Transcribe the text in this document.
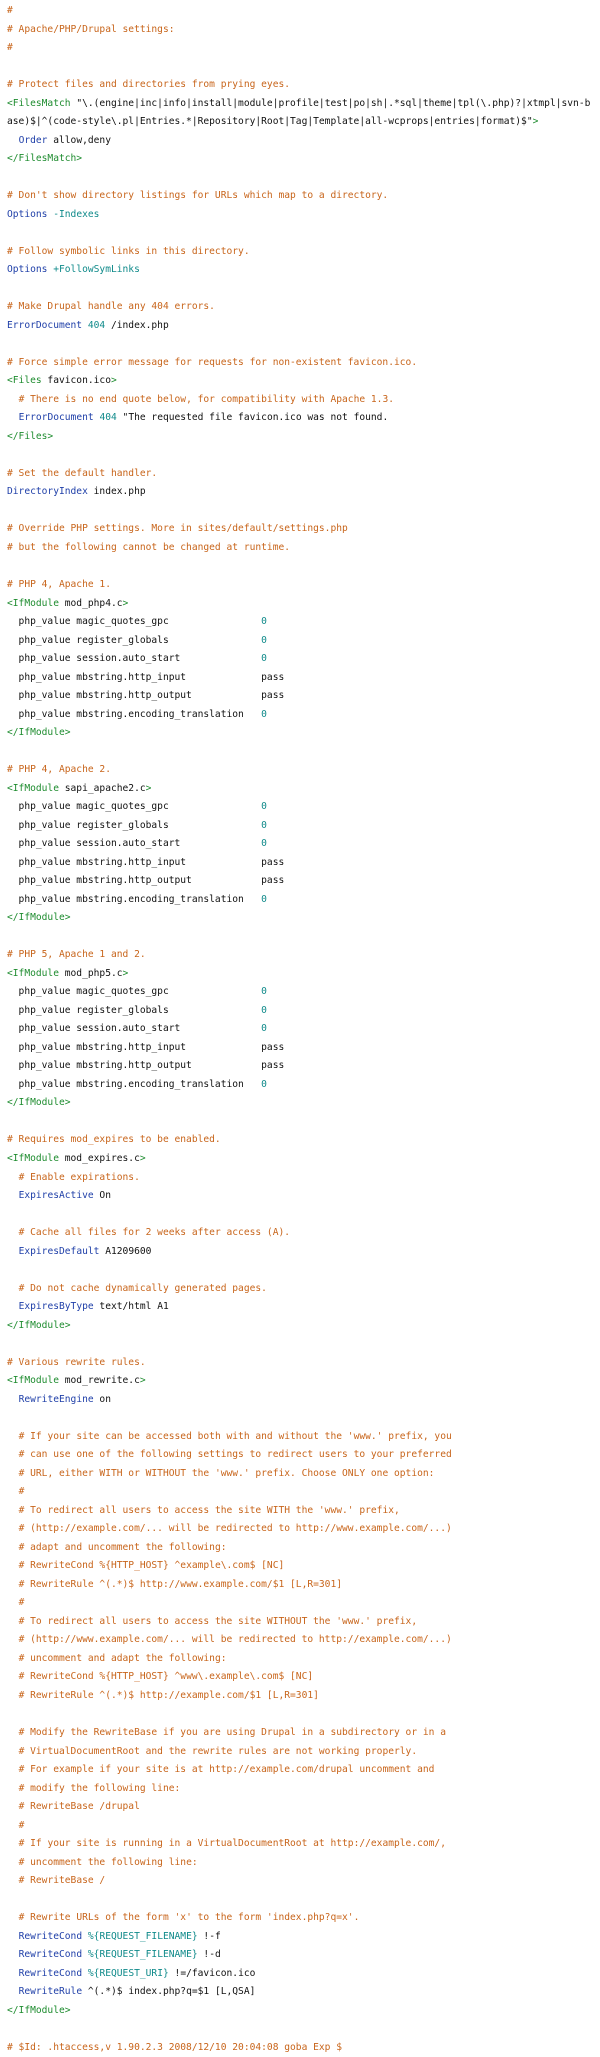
#
# Apache/PHP/Drupal settings:
#

# Protect files and directories from prying eyes.
<FilesMatch "\.(engine|inc|info|install|module|profile|test|po|sh|.*sql|theme|tpl(\.php)?|xtmpl|svn-base)$|^(code-style\.pl|Entries.*|Repository|Root|Tag|Template|all-wcprops|entries|format)$">
Order allow,deny
</FilesMatch>

# Don't show directory listings for URLs which map to a directory.
Options -Indexes

# Follow symbolic links in this directory.
Options +FollowSymLinks

# Make Drupal handle any 404 errors.
ErrorDocument 404 /index.php

# Force simple error message for requests for non-existent favicon.ico.
<Files favicon.ico>
# There is no end quote below, for compatibility with Apache 1.3.
ErrorDocument 404 "The requested file favicon.ico was not found.
</Files>

# Set the default handler.
DirectoryIndex index.php

# Override PHP settings. More in sites/default/settings.php
# but the following cannot be changed at runtime.

# PHP 4, Apache 1.
<IfModule mod_php4.c>
php_value magic_quotes_gpc                0
php_value register_globals                0
php_value session.auto_start              0
php_value mbstring.http_input             pass
php_value mbstring.http_output            pass
php_value mbstring.encoding_translation   0
</IfModule>

# PHP 4, Apache 2.
<IfModule sapi_apache2.c>
php_value magic_quotes_gpc                0
php_value register_globals                0
php_value session.auto_start              0
php_value mbstring.http_input             pass
php_value mbstring.http_output            pass
php_value mbstring.encoding_translation   0
</IfModule>

# PHP 5, Apache 1 and 2.
<IfModule mod_php5.c>
php_value magic_quotes_gpc                0
php_value register_globals                0
php_value session.auto_start              0
php_value mbstring.http_input             pass
php_value mbstring.http_output            pass
php_value mbstring.encoding_translation   0
</IfModule>

# Requires mod_expires to be enabled.
<IfModule mod_expires.c>
# Enable expirations.
ExpiresActive On

# Cache all files for 2 weeks after access (A).
ExpiresDefault A1209600

# Do not cache dynamically generated pages.
ExpiresByType text/html A1
</IfModule>

# Various rewrite rules.
<IfModule mod_rewrite.c>
RewriteEngine on

# If your site can be accessed both with and without the 'www.' prefix, you
# can use one of the following settings to redirect users to your preferred
# URL, either WITH or WITHOUT the 'www.' prefix. Choose ONLY one option:
#
# To redirect all users to access the site WITH the 'www.' prefix,
# (http://example.com/... will be redirected to http://www.example.com/...)
# adapt and uncomment the following:
# RewriteCond %{HTTP_HOST} ^example\.com$ [NC]
# RewriteRule ^(.*)$ http://www.example.com/$1 [L,R=301]
#
# To redirect all users to access the site WITHOUT the 'www.' prefix,
# (http://www.example.com/... will be redirected to http://example.com/...)
# uncomment and adapt the following:
# RewriteCond %{HTTP_HOST} ^www\.example\.com$ [NC]
# RewriteRule ^(.*)$ http://example.com/$1 [L,R=301]

# Modify the RewriteBase if you are using Drupal in a subdirectory or in a
# VirtualDocumentRoot and the rewrite rules are not working properly.
# For example if your site is at http://example.com/drupal uncomment and
# modify the following line:
# RewriteBase /drupal
#
# If your site is running in a VirtualDocumentRoot at http://example.com/,
# uncomment the following line:
# RewriteBase /

# Rewrite URLs of the form 'x' to the form 'index.php?q=x'.
RewriteCond %{REQUEST_FILENAME} !-f
RewriteCond %{REQUEST_FILENAME} !-d
RewriteCond %{REQUEST_URI} !=/favicon.ico
RewriteRule ^(.*)$ index.php?q=$1 [L,QSA]
</IfModule>

# $Id: .htaccess,v 1.90.2.3 2008/12/10 20:04:08 goba Exp $
